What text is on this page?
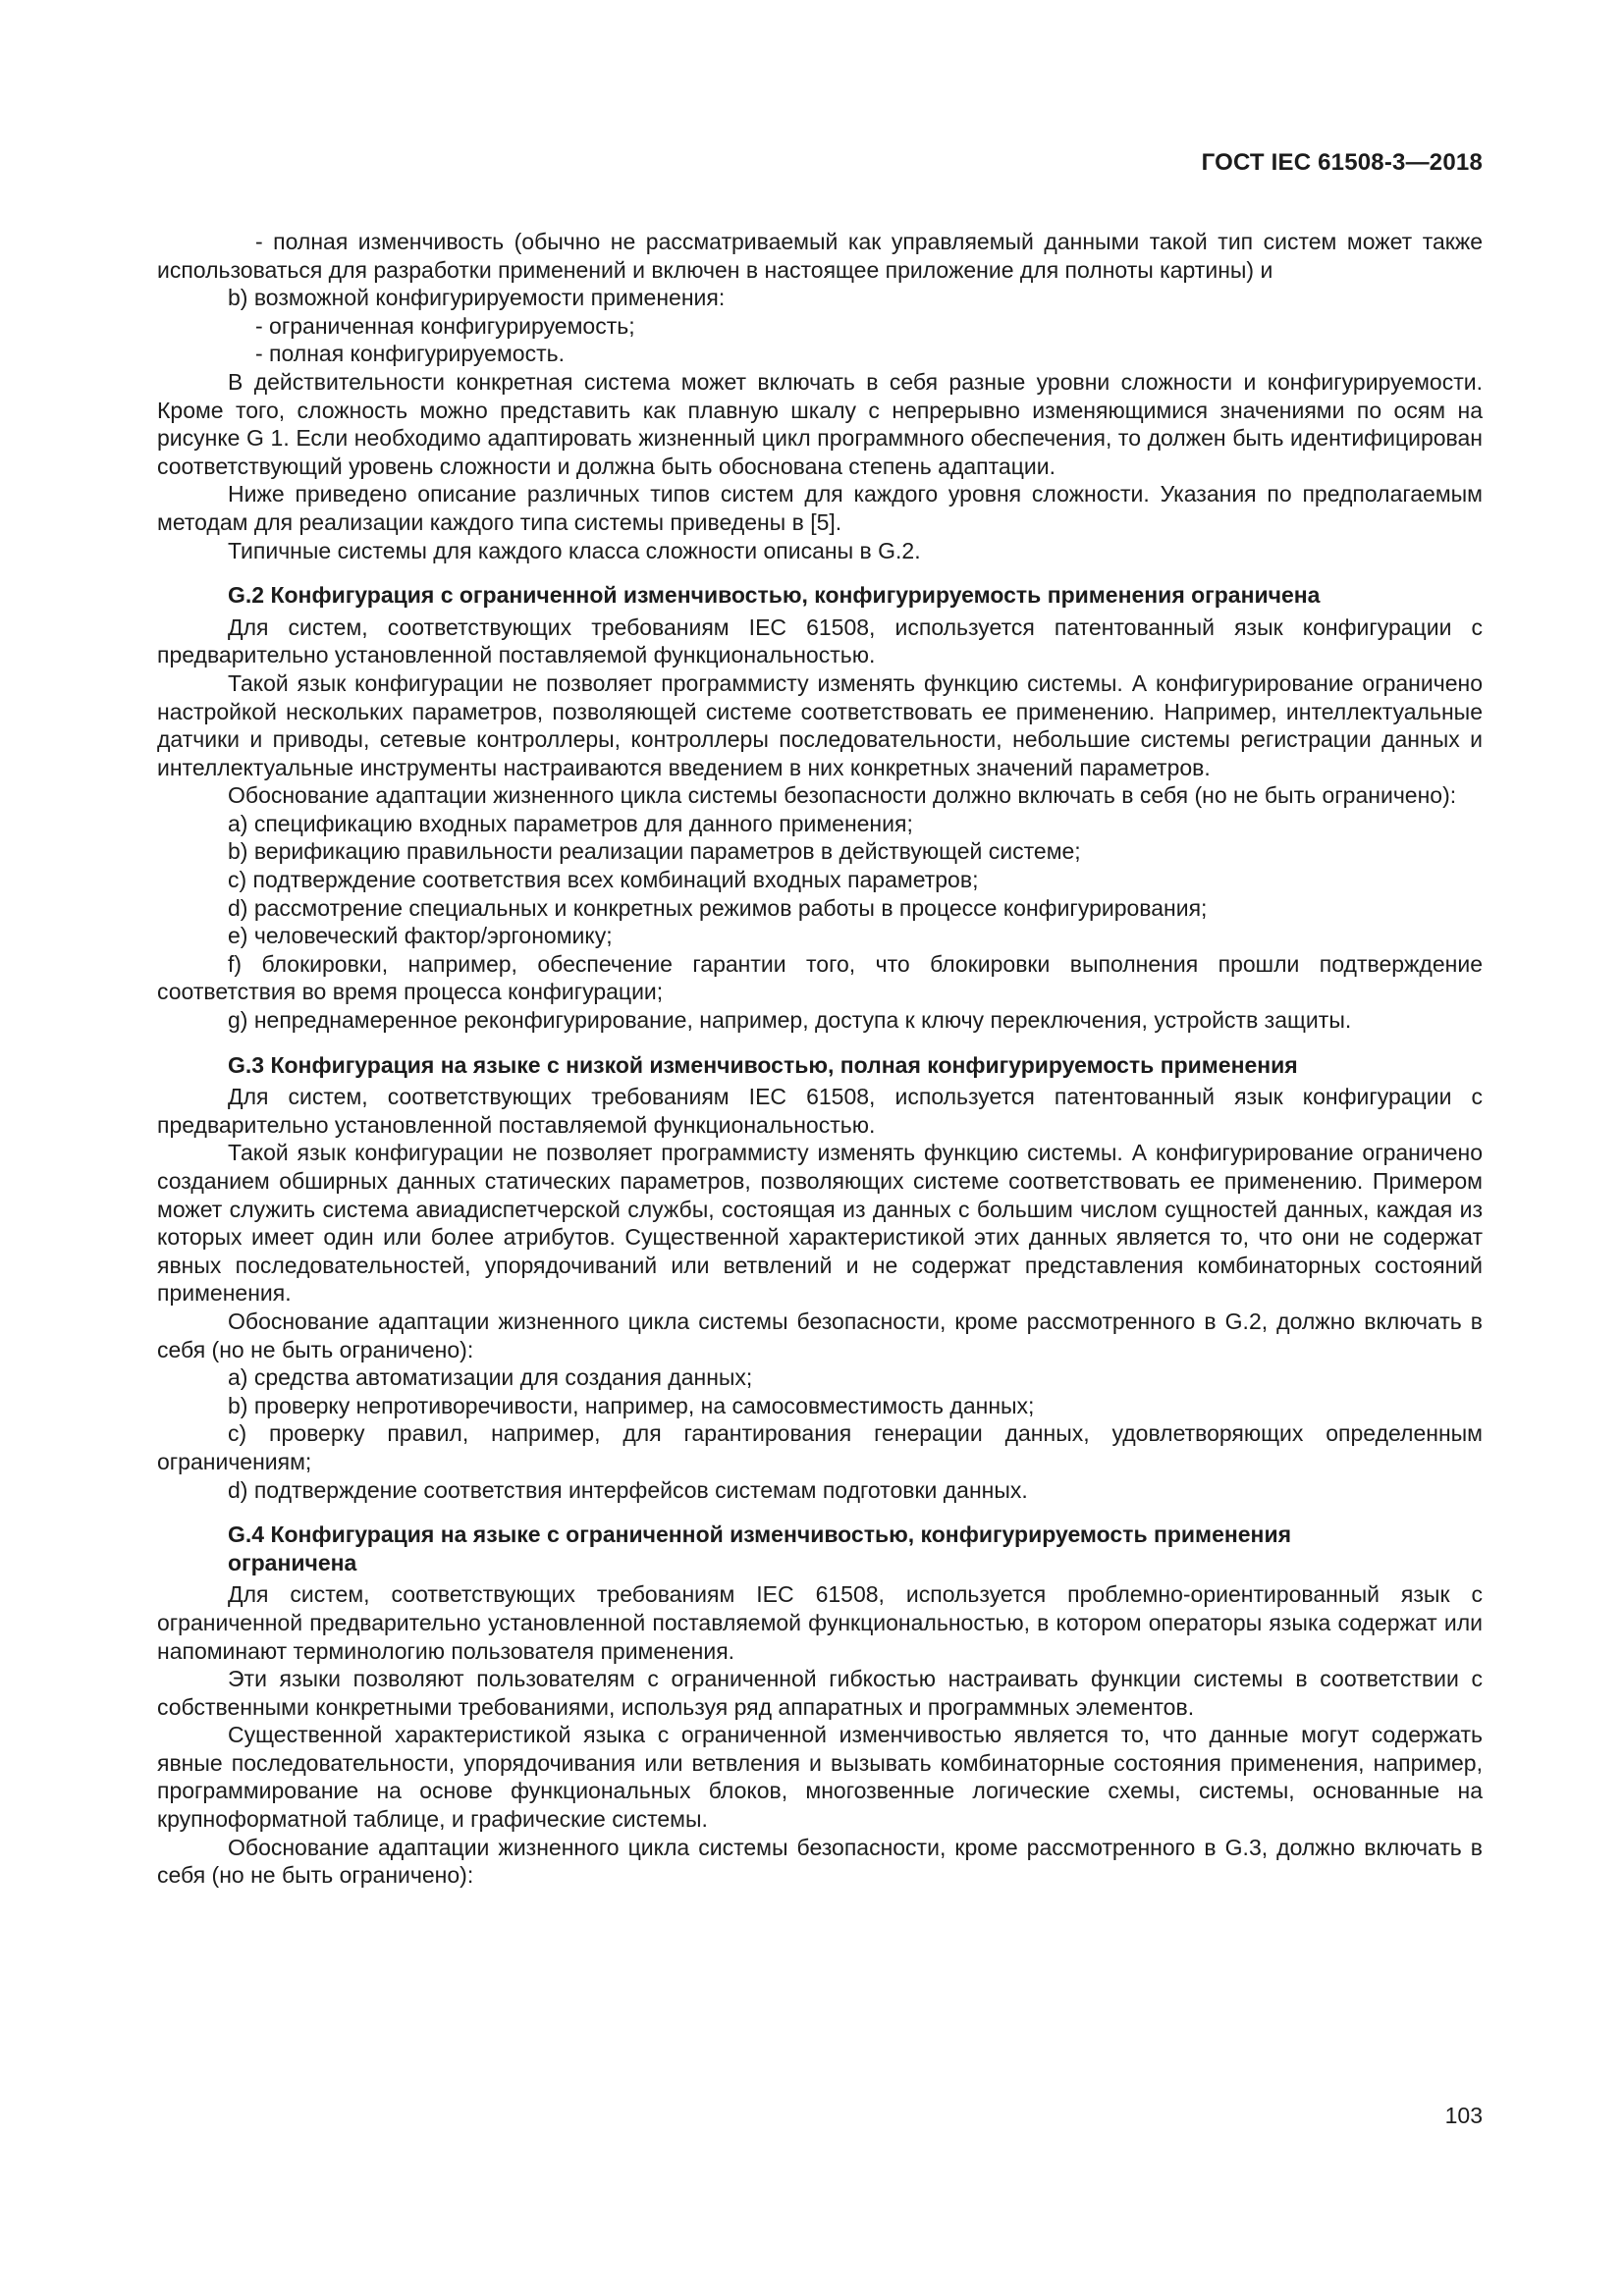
ГОСТ IEC 61508-3—2018

- полная изменчивость (обычно не рассматриваемый как управляемый данными такой тип систем может также использоваться для разработки применений и включен в настоящее приложение для полноты картины) и

b) возможной конфигурируемости применения:

- ограниченная конфигурируемость;

- полная конфигурируемость.

В действительности конкретная система может включать в себя разные уровни сложности и конфигурируемости. Кроме того, сложность можно представить как плавную шкалу с непрерывно изменяющимися значениями по осям на рисунке G 1. Если необходимо адаптировать жизненный цикл программного обеспечения, то должен быть идентифицирован соответствующий уровень сложности и должна быть обоснована степень адаптации.

Ниже приведено описание различных типов систем для каждого уровня сложности. Указания по предполагаемым методам для реализации каждого типа системы приведены в [5].

Типичные системы для каждого класса сложности описаны в G.2.

G.2 Конфигурация с ограниченной изменчивостью, конфигурируемость применения ограничена

Для систем, соответствующих требованиям IEC 61508, используется патентованный язык конфигурации с предварительно установленной поставляемой функциональностью.

Такой язык конфигурации не позволяет программисту изменять функцию системы. А конфигурирование ограничено настройкой нескольких параметров, позволяющей системе соответствовать ее применению. Например, интеллектуальные датчики и приводы, сетевые контроллеры, контроллеры последовательности, небольшие системы регистрации данных и интеллектуальные инструменты настраиваются введением в них конкретных значений параметров.

Обоснование адаптации жизненного цикла системы безопасности должно включать в себя (но не быть ограничено):

a) спецификацию входных параметров для данного применения;

b) верификацию правильности реализации параметров в действующей системе;

c) подтверждение соответствия всех комбинаций входных параметров;

d) рассмотрение специальных и конкретных режимов работы в процессе конфигурирования;

e) человеческий фактор/эргономику;

f) блокировки, например, обеспечение гарантии того, что блокировки выполнения прошли подтверждение соответствия во время процесса конфигурации;

g) непреднамеренное реконфигурирование, например, доступа к ключу переключения, устройств защиты.

G.3 Конфигурация на языке с низкой изменчивостью, полная конфигурируемость применения

Для систем, соответствующих требованиям IEC 61508, используется патентованный язык конфигурации с предварительно установленной поставляемой функциональностью.

Такой язык конфигурации не позволяет программисту изменять функцию системы. А конфигурирование ограничено созданием обширных данных статических параметров, позволяющих системе соответствовать ее применению. Примером может служить система авиадиспетчерской службы, состоящая из данных с большим числом сущностей данных, каждая из которых имеет один или более атрибутов. Существенной характеристикой этих данных является то, что они не содержат явных последовательностей, упорядочиваний или ветвлений и не содержат представления комбинаторных состояний применения.

Обоснование адаптации жизненного цикла системы безопасности, кроме рассмотренного в G.2, должно включать в себя (но не быть ограничено):

a) средства автоматизации для создания данных;

b) проверку непротиворечивости, например, на самосовместимость данных;

c) проверку правил, например, для гарантирования генерации данных, удовлетворяющих определенным ограничениям;

d) подтверждение соответствия интерфейсов системам подготовки данных.

G.4 Конфигурация на языке с ограниченной изменчивостью, конфигурируемость применения
ограничена

Для систем, соответствующих требованиям IEC 61508, используется проблемно-ориентированный язык с ограниченной предварительно установленной поставляемой функциональностью, в котором операторы языка содержат или напоминают терминологию пользователя применения.

Эти языки позволяют пользователям с ограниченной гибкостью настраивать функции системы в соответствии с собственными конкретными требованиями, используя ряд аппаратных и программных элементов.

Существенной характеристикой языка с ограниченной изменчивостью является то, что данные могут содержать явные последовательности, упорядочивания или ветвления и вызывать комбинаторные состояния применения, например, программирование на основе функциональных блоков, многозвенные логические схемы, системы, основанные на крупноформатной таблице, и графические системы.

Обоснование адаптации жизненного цикла системы безопасности, кроме рассмотренного в G.3, должно включать в себя (но не быть ограничено):

103
